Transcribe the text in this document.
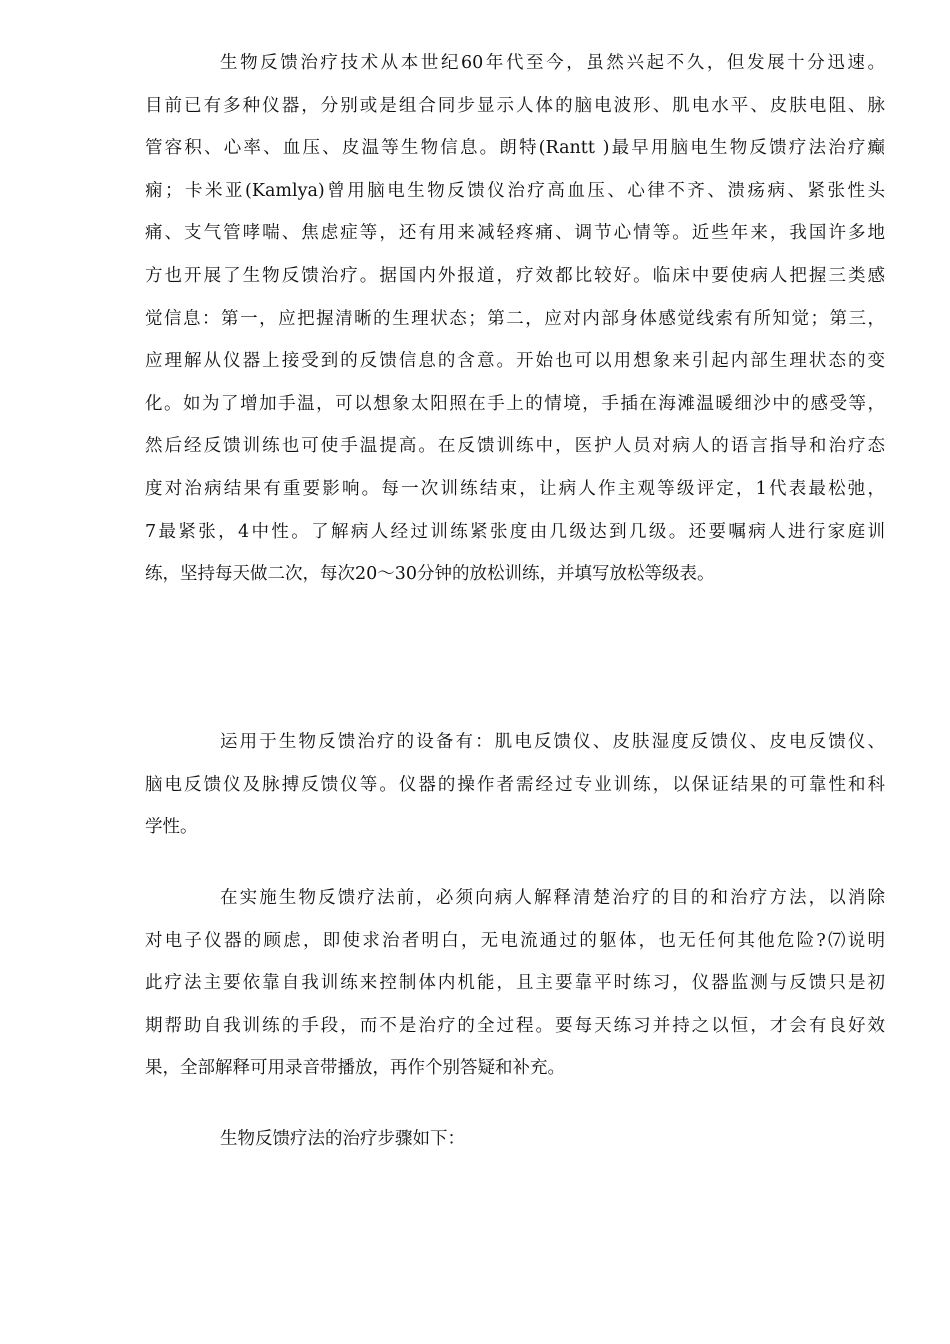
生物反馈治疗技术从本世纪60年代至今，虽然兴起不久，但发展十分迅速。
目前已有多种仪器，分别或是组合同步显示人体的脑电波形、肌电水平、皮肤电阻、脉
管容积、心率、血压、皮温等生物信息。朗特(Rantt )最早用脑电生物反馈疗法治疗癫
痫；卡米亚(Kamlya)曾用脑电生物反馈仪治疗高血压、心律不齐、溃疡病、紧张性头
痛、支气管哮喘、焦虑症等，还有用来减轻疼痛、调节心情等。近些年来，我国许多地
方也开展了生物反馈治疗。据国内外报道，疗效都比较好。临床中要使病人把握三类感
觉信息：第一，应把握清晰的生理状态；第二，应对内部身体感觉线索有所知觉；第三，
应理解从仪器上接受到的反馈信息的含意。开始也可以用想象来引起内部生理状态的变
化。如为了增加手温，可以想象太阳照在手上的情境，手插在海滩温暖细沙中的感受等，
然后经反馈训练也可使手温提高。在反馈训练中，医护人员对病人的语言指导和治疗态
度对治病结果有重要影响。每一次训练结束，让病人作主观等级评定，1代表最松弛，
7最紧张，4中性。了解病人经过训练紧张度由几级达到几级。还要嘱病人进行家庭训
练，坚持每天做二次，每次20～30分钟的放松训练，并填写放松等级表。
运用于生物反馈治疗的设备有：肌电反馈仪、皮肤湿度反馈仪、皮电反馈仪、
脑电反馈仪及脉搏反馈仪等。仪器的操作者需经过专业训练，以保证结果的可靠性和科
学性。
在实施生物反馈疗法前，必须向病人解释清楚治疗的目的和治疗方法，以消除
对电子仪器的顾虑，即使求治者明白，无电流通过的躯体，也无任何其他危险?⑺说明
此疗法主要依靠自我训练来控制体内机能，且主要靠平时练习，仪器监测与反馈只是初
期帮助自我训练的手段，而不是治疗的全过程。要每天练习并持之以恒，才会有良好效
果，全部解释可用录音带播放，再作个别答疑和补充。
生物反馈疗法的治疗步骤如下：
